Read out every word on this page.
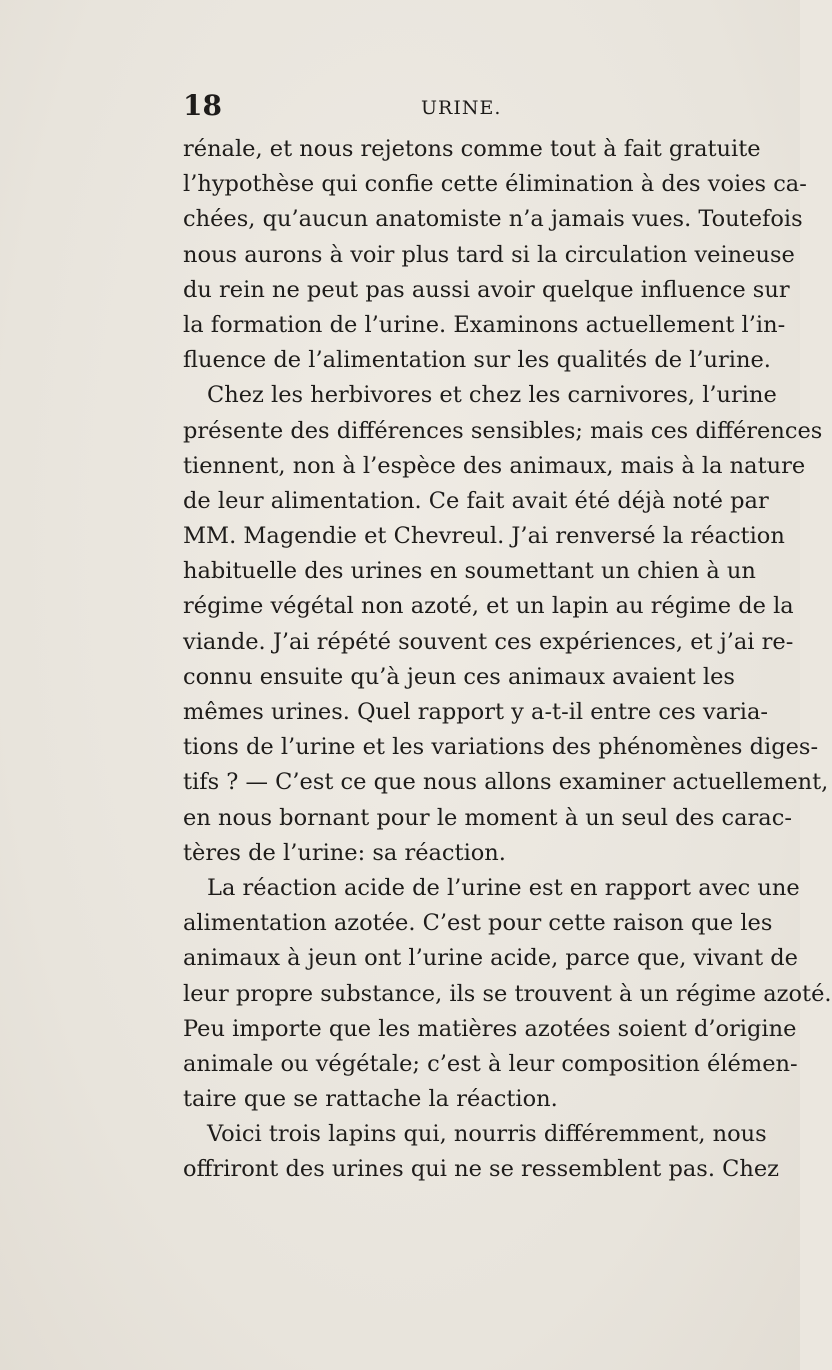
18	URINE.
rénale, et nous rejetons comme tout à fait gratuite
l’hypothèse qui confie cette élimination à des voies ca-
chées, qu’aucun anatomiste n’a jamais vues. Toutefois
nous aurons à voir plus tard si la circulation veineuse
du rein ne peut pas aussi avoir quelque influence sur
la formation de l’urine. Examinons actuellement l’in-
fluence de l’alimentation sur les qualités de l’urine.
Chez les herbivores et chez les carnivores, l’urine
présente des différences sensibles; mais ces différences
tiennent, non à l’espèce des animaux, mais à la nature
de leur alimentation. Ce fait avait été déjà noté par
MM. Magendie et Chevreul. J’ai renversé la réaction
habituelle des urines en soumettant un chien à un
régime végétal non azoté, et un lapin au régime de la
viande. J’ai répété souvent ces expériences, et j’ai re-
connu ensuite qu’à jeun ces animaux avaient les
mêmes urines. Quel rapport y a-t-il entre ces varia-
tions de l’urine et les variations des phénomènes diges-
tifs ? — C’est ce que nous allons examiner actuellement,
en nous bornant pour le moment à un seul des carac-
tères de l’urine: sa réaction.
La réaction acide de l’urine est en rapport avec une
alimentation azotée. C’est pour cette raison que les
animaux à jeun ont l’urine acide, parce que, vivant de
leur propre substance, ils se trouvent à un régime azoté.
Peu importe que les matières azotées soient d’origine
animale ou végétale; c’est à leur composition élémen-
taire que se rattache la réaction.
Voici trois lapins qui, nourris différemment, nous
offriront des urines qui ne se ressemblent pas. Chez
